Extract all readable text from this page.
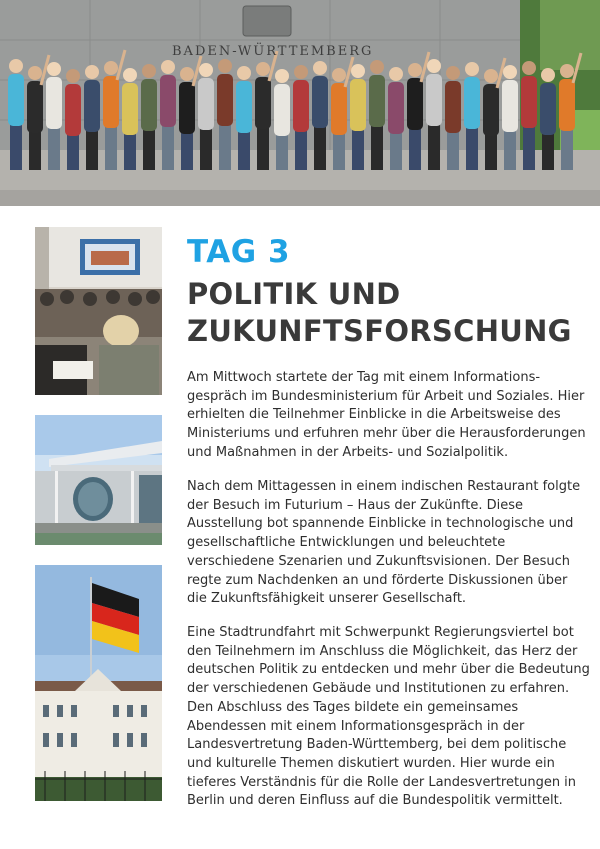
BADEN-WÜRTTEMBERG
TAG 3
POLITIK UND
ZUKUNFTSFORSCHUNG

Am Mittwoch startete der Tag mit einem Informations-
gespräch im Bundesministerium für Arbeit und Soziales. Hier
erhielten die Teilnehmer Einblicke in die Arbeitsweise des
Ministeriums und erfuhren mehr über die Herausforderungen
und Maßnahmen in der Arbeits- und Sozialpolitik.

Nach dem Mittagessen in einem indischen Restaurant folgte
der Besuch im Futurium – Haus der Zukünfte. Diese
Ausstellung bot spannende Einblicke in technologische und
gesellschaftliche Entwicklungen und beleuchtete
verschiedene Szenarien und Zukunftsvisionen. Der Besuch
regte zum Nachdenken an und förderte Diskussionen über
die Zukunftsfähigkeit unserer Gesellschaft.

Eine Stadtrundfahrt mit Schwerpunkt Regierungsviertel bot
den Teilnehmern im Anschluss die Möglichkeit, das Herz der
deutschen Politik zu entdecken und mehr über die Bedeutung
der verschiedenen Gebäude und Institutionen zu erfahren.
Den Abschluss des Tages bildete ein gemeinsames
Abendessen mit einem Informationsgespräch in der
Landesvertretung Baden-Württemberg, bei dem politische
und kulturelle Themen diskutiert wurden. Hier wurde ein
tieferes Verständnis für die Rolle der Landesvertretungen in
Berlin und deren Einfluss auf die Bundespolitik vermittelt.
